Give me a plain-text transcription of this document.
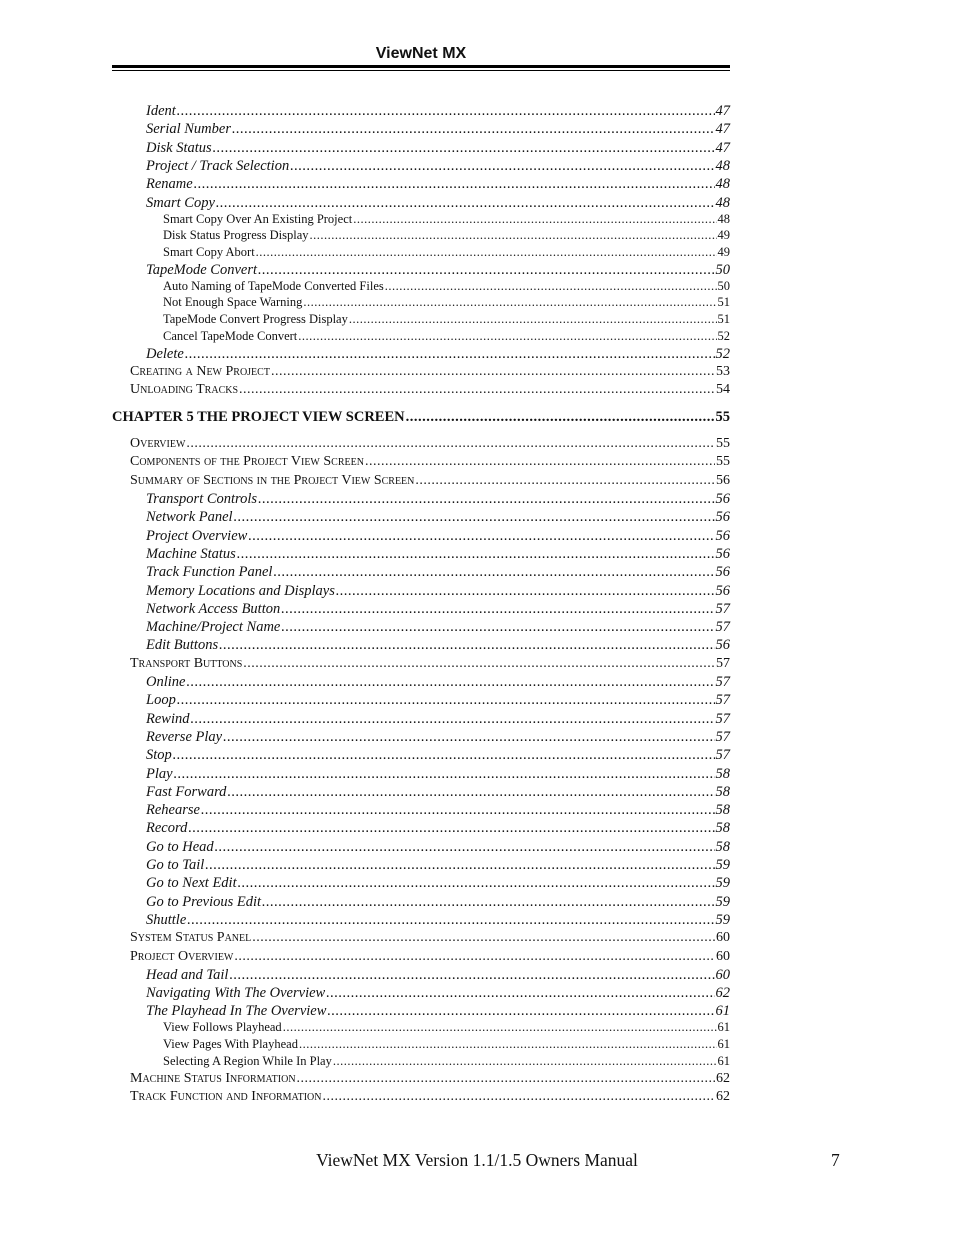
ViewNet MX
Ident .....	47
Serial Number .....	47
Disk Status .....	47
Project / Track Selection .....	48
Rename .....	48
Smart Copy .....	48
Smart Copy Over An Existing Project .....	48
Disk Status Progress Display .....	49
Smart Copy Abort .....	49
TapeMode Convert .....	50
Auto Naming of TapeMode Converted Files .....	50
Not Enough Space Warning .....	51
TapeMode Convert Progress Display .....	51
Cancel TapeMode Convert .....	52
Delete .....	52
Creating a New Project .....	53
Unloading Tracks .....	54
CHAPTER 5 THE PROJECT VIEW SCREEN .....	55
Overview .....	55
Components of the Project View Screen .....	55
Summary of Sections in the Project View Screen .....	56
Transport Controls .....	56
Network Panel .....	56
Project Overview .....	56
Machine Status .....	56
Track Function Panel .....	56
Memory Locations and Displays .....	56
Network Access Button .....	57
Machine/Project Name .....	57
Edit Buttons .....	56
Transport Buttons .....	57
Online .....	57
Loop .....	57
Rewind .....	57
Reverse Play .....	57
Stop .....	57
Play .....	58
Fast Forward .....	58
Rehearse .....	58
Record .....	58
Go to Head .....	58
Go to Tail .....	59
Go to Next Edit .....	59
Go to Previous Edit .....	59
Shuttle .....	59
System Status Panel .....	60
Project Overview .....	60
Head and Tail .....	60
Navigating With The Overview .....	62
The Playhead In The Overview .....	61
View Follows Playhead .....	61
View Pages With Playhead .....	61
Selecting A Region While In Play .....	61
Machine Status Information .....	62
Track Function and Information .....	62
ViewNet MX Version 1.1/1.5 Owners Manual	7
